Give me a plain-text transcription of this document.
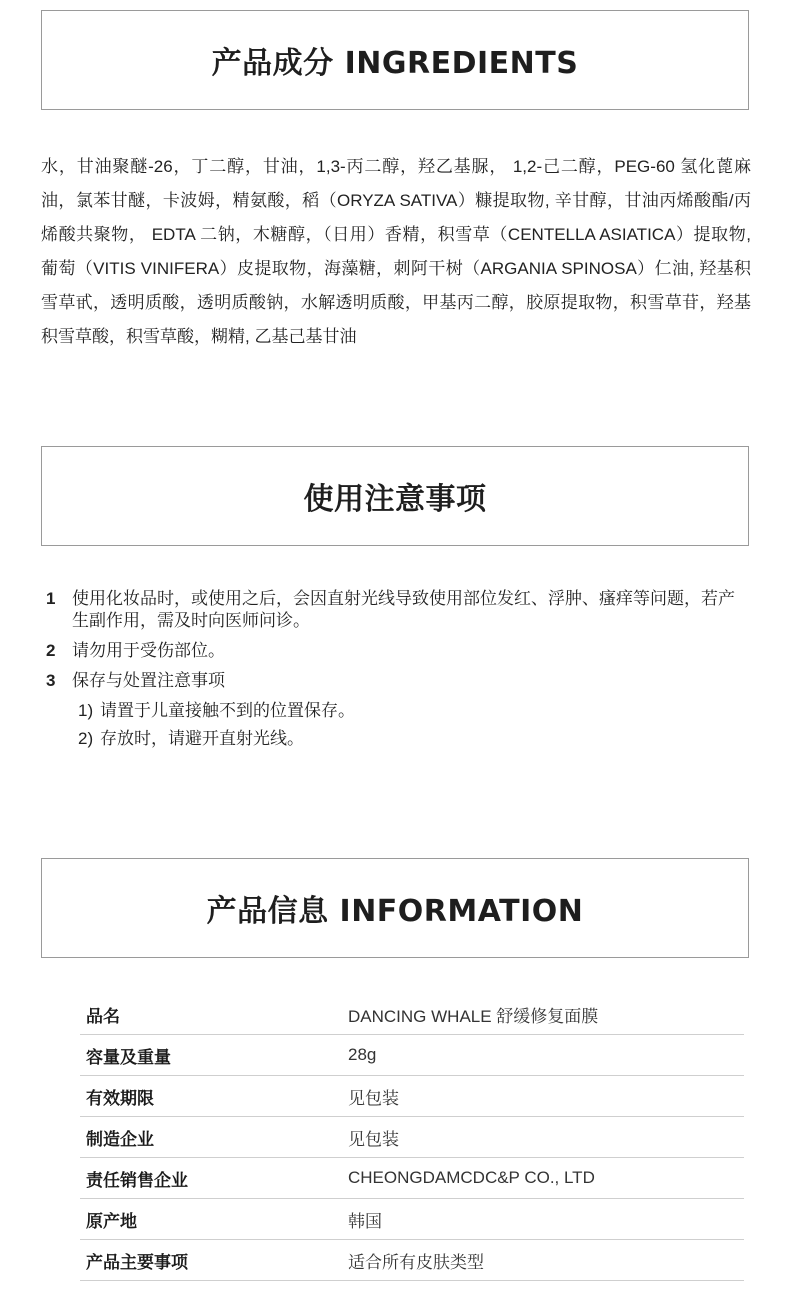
产品成分 INGREDIENTS
水，甘油聚醚-26，丁二醇，甘油，1,3-丙二醇，羟乙基脲， 1,2-己二醇，PEG-60 氢化蓖麻油，氯苯甘醚，卡波姆，精氨酸，稻（ORYZA SATIVA）糠提取物, 辛甘醇，甘油丙烯酸酯/丙烯酸共聚物， EDTA 二钠，木糖醇，（日用）香精，积雪草（CENTELLA ASIATICA）提取物, 葡萄（VITIS VINIFERA）皮提取物，海藻糖，刺阿干树（ARGANIA SPINOSA）仁油, 羟基积雪草甙，透明质酸，透明质酸钠，水解透明质酸，甲基丙二醇，胶原提取物，积雪草苷，羟基积雪草酸，积雪草酸，糊精, 乙基己基甘油
使用注意事项
1 使用化妆品时，或使用之后，会因直射光线导致使用部位发红、浮肿、瘙痒等问题，若产生副作用，需及时向医师问诊。
2 请勿用于受伤部位。
3 保存与处置注意事项
1) 请置于儿童接触不到的位置保存。
2) 存放时，请避开直射光线。
产品信息 INFORMATION
品名	DANCING WHALE 舒缓修复面膜
容量及重量	28g
有效期限	见包装
制造企业	见包装
责任销售企业	CHEONGDAMCDC&P CO., LTD
原产地	韩国
产品主要事项	适合所有皮肤类型
